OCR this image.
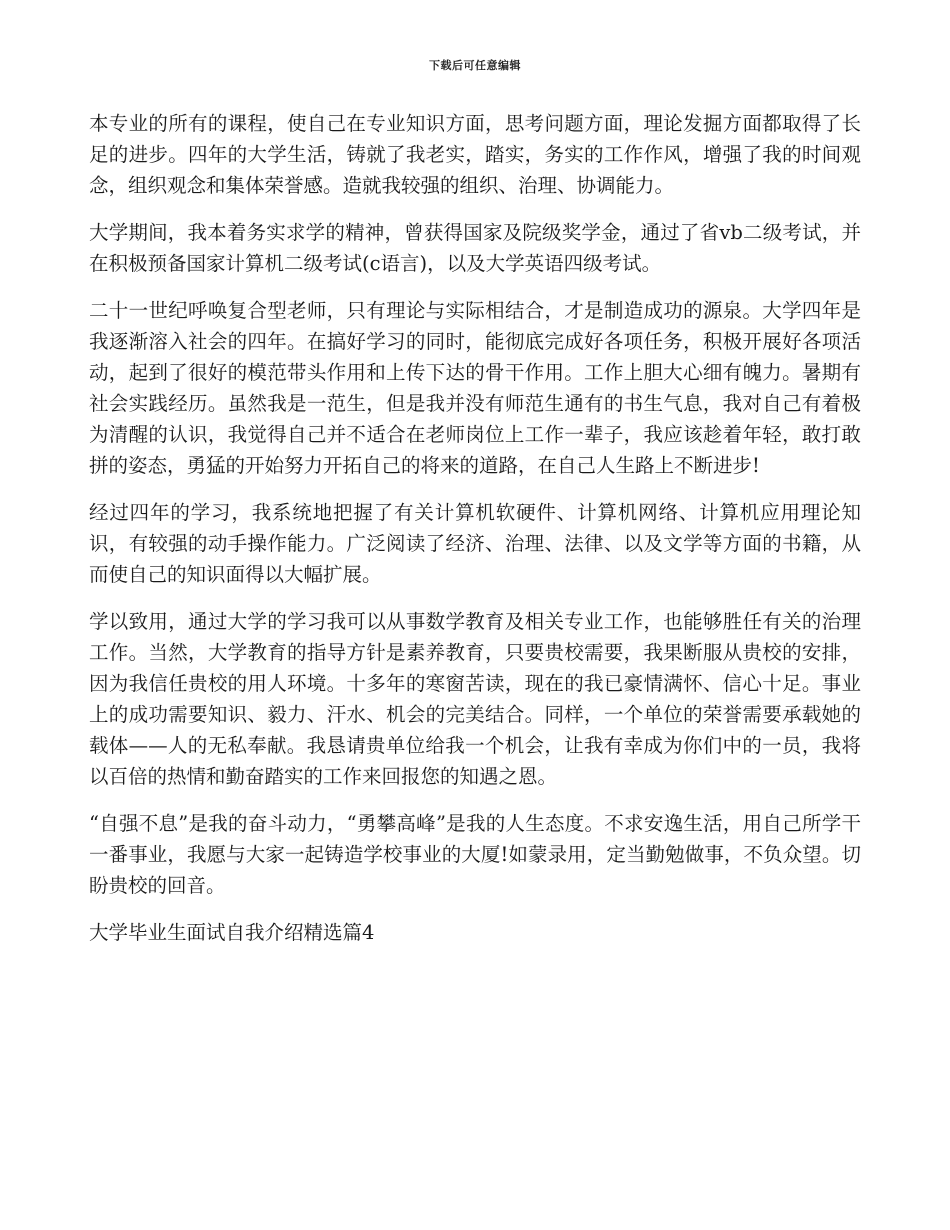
下载后可任意编辑

本专业的所有的课程，使自己在专业知识方面，思考问题方面，理论发掘方面都取得了长足的进步。四年的大学生活，铸就了我老实，踏实，务实的工作作风，增强了我的时间观念，组织观念和集体荣誉感。造就我较强的组织、治理、协调能力。

大学期间，我本着务实求学的精神，曾获得国家及院级奖学金，通过了省vb二级考试，并在积极预备国家计算机二级考试(c语言)，以及大学英语四级考试。

二十一世纪呼唤复合型老师，只有理论与实际相结合，才是制造成功的源泉。大学四年是我逐渐溶入社会的四年。在搞好学习的同时，能彻底完成好各项任务，积极开展好各项活动，起到了很好的模范带头作用和上传下达的骨干作用。工作上胆大心细有魄力。暑期有社会实践经历。虽然我是一范生，但是我并没有师范生通有的书生气息，我对自己有着极为清醒的认识，我觉得自己并不适合在老师岗位上工作一辈子，我应该趁着年轻，敢打敢拼的姿态，勇猛的开始努力开拓自己的将来的道路，在自己人生路上不断进步!

经过四年的学习，我系统地把握了有关计算机软硬件、计算机网络、计算机应用理论知识，有较强的动手操作能力。广泛阅读了经济、治理、法律、以及文学等方面的书籍，从而使自己的知识面得以大幅扩展。

学以致用，通过大学的学习我可以从事数学教育及相关专业工作，也能够胜任有关的治理工作。当然，大学教育的指导方针是素养教育，只要贵校需要，我果断服从贵校的安排，因为我信任贵校的用人环境。十多年的寒窗苦读，现在的我已豪情满怀、信心十足。事业上的成功需要知识、毅力、汗水、机会的完美结合。同样，一个单位的荣誉需要承载她的载体——人的无私奉献。我恳请贵单位给我一个机会，让我有幸成为你们中的一员，我将以百倍的热情和勤奋踏实的工作来回报您的知遇之恩。

“自强不息”是我的奋斗动力，“勇攀高峰”是我的人生态度。不求安逸生活，用自己所学干一番事业，我愿与大家一起铸造学校事业的大厦!如蒙录用，定当勤勉做事，不负众望。切盼贵校的回音。

大学毕业生面试自我介绍精选篇4
